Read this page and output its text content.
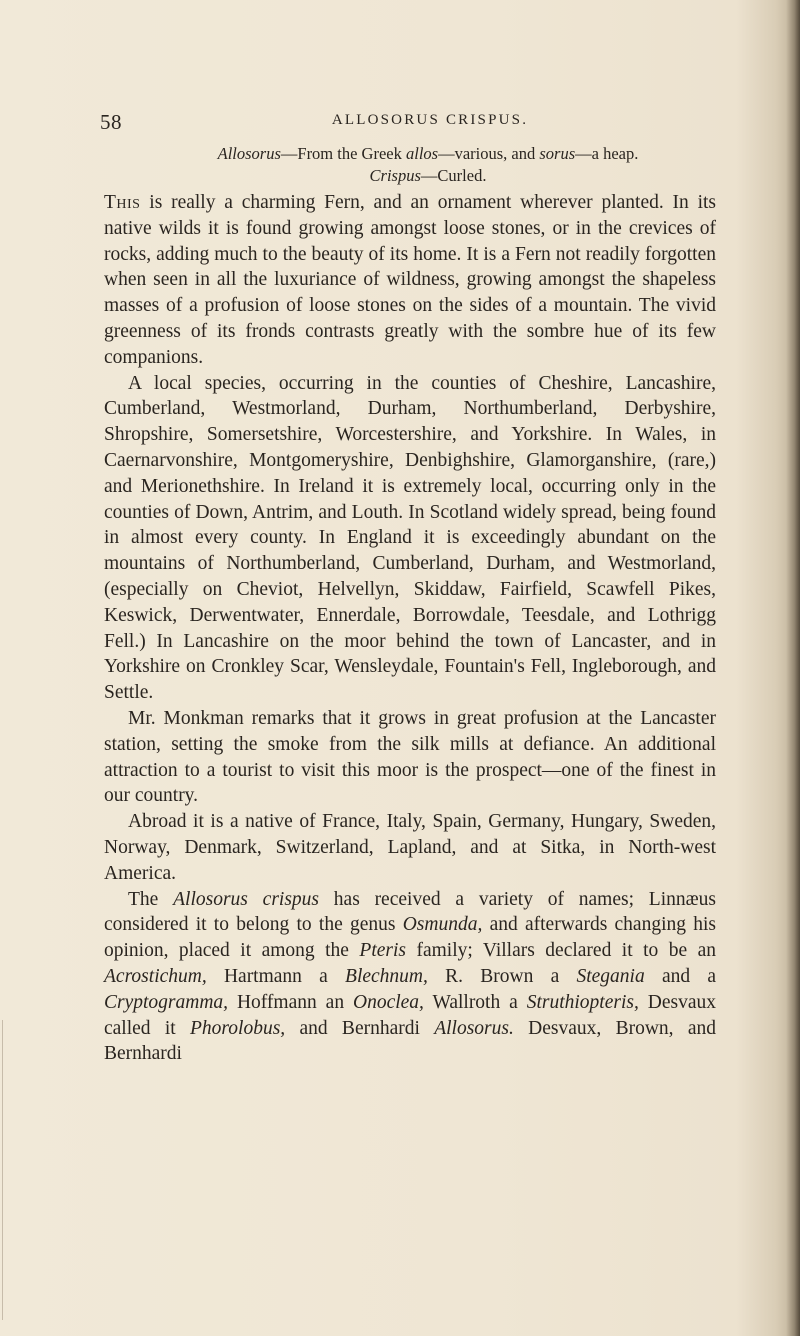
58	ALLOSORUS CRISPUS.
Allosorus—From the Greek allos—various, and sorus—a heap.
Crispus—Curled.

This is really a charming Fern, and an ornament wherever planted. In its native wilds it is found growing amongst loose stones, or in the crevices of rocks, adding much to the beauty of its home. It is a Fern not readily forgotten when seen in all the luxuriance of wildness, growing amongst the shapeless masses of a profusion of loose stones on the sides of a mountain. The vivid greenness of its fronds contrasts greatly with the sombre hue of its few companions.

A local species, occurring in the counties of Cheshire, Lancashire, Cumberland, Westmorland, Durham, Northumberland, Derbyshire, Shropshire, Somersetshire, Worcestershire, and Yorkshire. In Wales, in Caernarvonshire, Montgomeryshire, Denbighshire, Glamorganshire, (rare,) and Merionethshire. In Ireland it is extremely local, occurring only in the counties of Down, Antrim, and Louth. In Scotland widely spread, being found in almost every county. In England it is exceedingly abundant on the mountains of Northumberland, Cumberland, Durham, and Westmorland, (especially on Cheviot, Helvellyn, Skiddaw, Fairfield, Scawfell Pikes, Keswick, Derwentwater, Ennerdale, Borrowdale, Teesdale, and Lothrigg Fell.) In Lancashire on the moor behind the town of Lancaster, and in Yorkshire on Cronkley Scar, Wensleydale, Fountain's Fell, Ingleborough, and Settle.

Mr. Monkman remarks that it grows in great profusion at the Lancaster station, setting the smoke from the silk mills at defiance. An additional attraction to a tourist to visit this moor is the prospect—one of the finest in our country.

Abroad it is a native of France, Italy, Spain, Germany, Hungary, Sweden, Norway, Denmark, Switzerland, Lapland, and at Sitka, in North-west America.

The Allosorus crispus has received a variety of names; Linnæus considered it to belong to the genus Osmunda, and afterwards changing his opinion, placed it among the Pteris family; Villars declared it to be an Acrostichum, Hartmann a Blechnum, R. Brown a Stegania and a Cryptogramma, Hoffmann an Onoclea, Wallroth a Struthiopteris, Desvaux called it Phorolobus, and Bernhardi Allosorus. Desvaux, Brown, and Bernhardi
